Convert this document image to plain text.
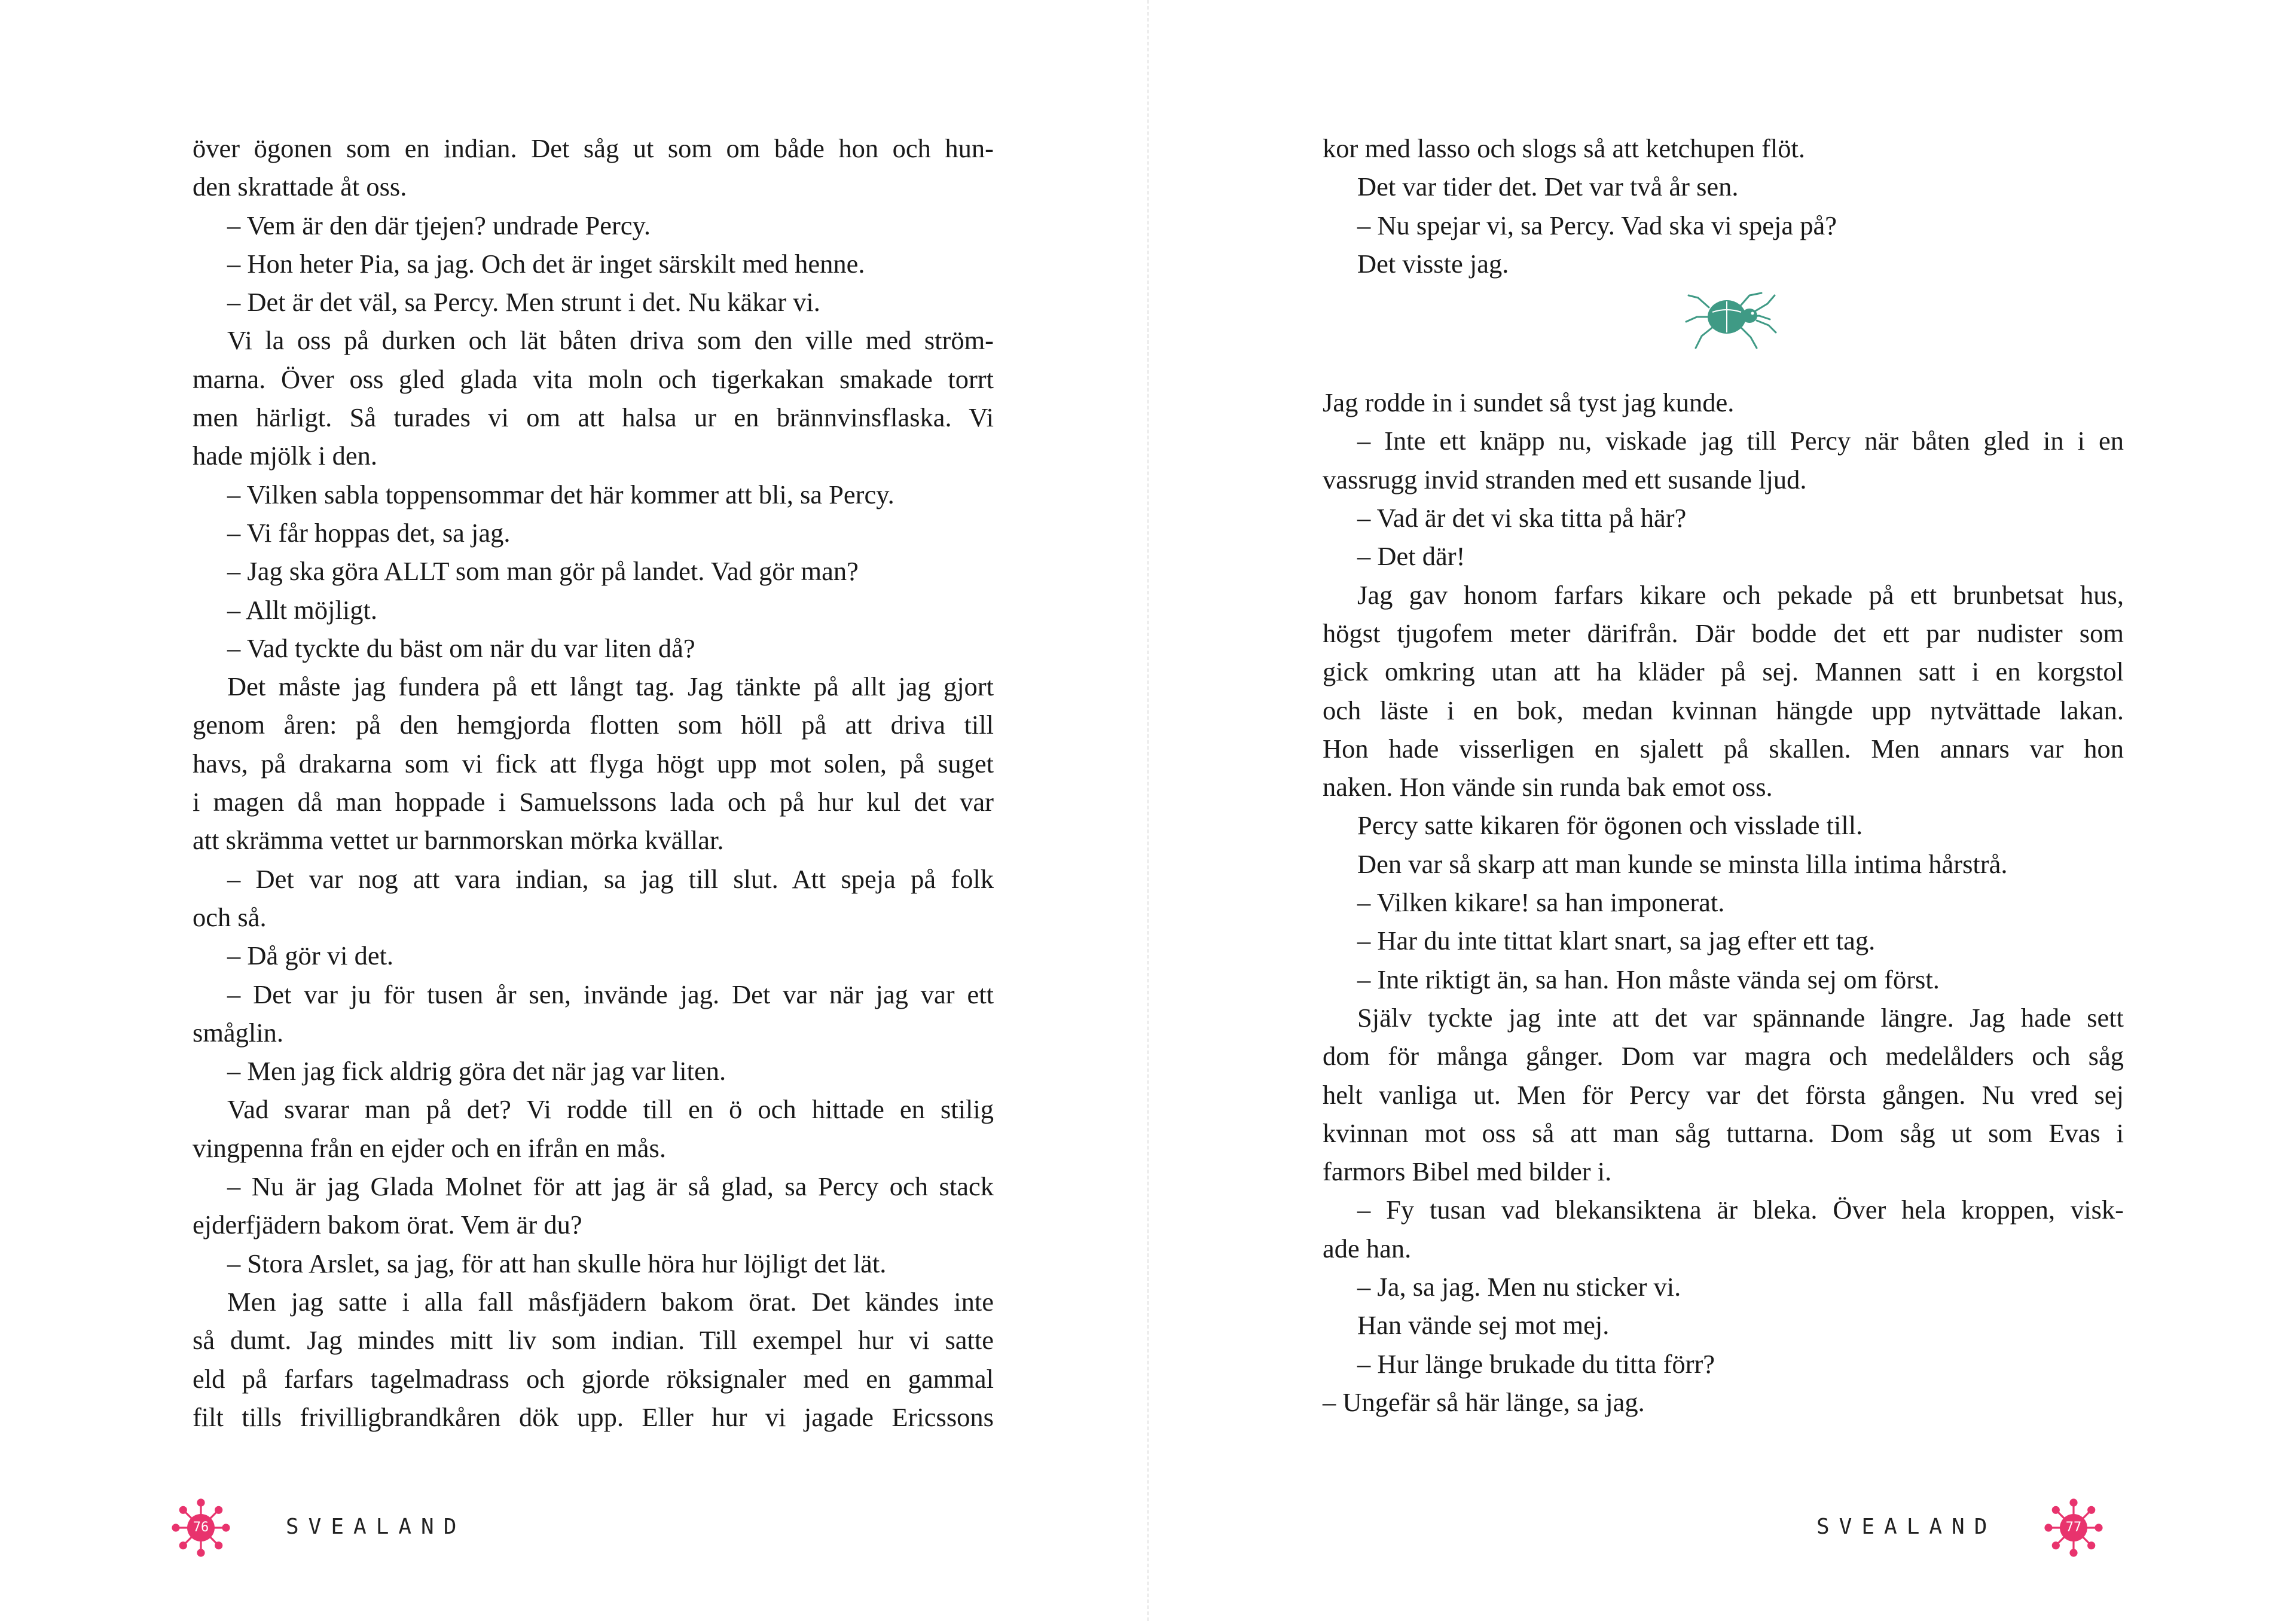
över ögonen som en indian. Det såg ut som om både hon och hun-
den skrattade åt oss.
– Vem är den där tjejen? undrade Percy.
– Hon heter Pia, sa jag. Och det är inget särskilt med henne.
– Det är det väl, sa Percy. Men strunt i det. Nu käkar vi.
Vi la oss på durken och lät båten driva som den ville med ström-
marna. Över oss gled glada vita moln och tigerkakan smakade torrt
men härligt. Så turades vi om att halsa ur en brännvinsflaska. Vi
hade mjölk i den.
– Vilken sabla toppensommar det här kommer att bli, sa Percy.
– Vi får hoppas det, sa jag.
– Jag ska göra ALLT som man gör på landet. Vad gör man?
– Allt möjligt.
– Vad tyckte du bäst om när du var liten då?
Det måste jag fundera på ett långt tag. Jag tänkte på allt jag gjort
genom åren: på den hemgjorda flotten som höll på att driva till
havs, på drakarna som vi fick att flyga högt upp mot solen, på suget
i magen då man hoppade i Samuelssons lada och på hur kul det var
att skrämma vettet ur barnmorskan mörka kvällar.
– Det var nog att vara indian, sa jag till slut. Att speja på folk
och så.
– Då gör vi det.
– Det var ju för tusen år sen, invände jag. Det var när jag var ett
småglin.
– Men jag fick aldrig göra det när jag var liten.
Vad svarar man på det? Vi rodde till en ö och hittade en stilig
vingpenna från en ejder och en ifrån en mås.
– Nu är jag Glada Molnet för att jag är så glad, sa Percy och stack
ejderfjädern bakom örat. Vem är du?
– Stora Arslet, sa jag, för att han skulle höra hur löjligt det lät.
Men jag satte i alla fall måsfjädern bakom örat. Det kändes inte
så dumt. Jag mindes mitt liv som indian. Till exempel hur vi satte
eld på farfars tagelmadrass och gjorde röksignaler med en gammal
filt tills frivilligbrandkåren dök upp. Eller hur vi jagade Ericssons
76	SVEALAND
kor med lasso och slogs så att ketchupen flöt.
Det var tider det. Det var två år sen.
– Nu spejar vi, sa Percy. Vad ska vi speja på?
Det visste jag.
Jag rodde in i sundet så tyst jag kunde.
– Inte ett knäpp nu, viskade jag till Percy när båten gled in i en
vassrugg invid stranden med ett susande ljud.
– Vad är det vi ska titta på här?
– Det där!
Jag gav honom farfars kikare och pekade på ett brunbetsat hus,
högst tjugofem meter därifrån. Där bodde det ett par nudister som
gick omkring utan att ha kläder på sej. Mannen satt i en korgstol
och läste i en bok, medan kvinnan hängde upp nytvättade lakan.
Hon hade visserligen en sjalett på skallen. Men annars var hon
naken. Hon vände sin runda bak emot oss.
Percy satte kikaren för ögonen och visslade till.
Den var så skarp att man kunde se minsta lilla intima hårstrå.
– Vilken kikare! sa han imponerat.
– Har du inte tittat klart snart, sa jag efter ett tag.
– Inte riktigt än, sa han. Hon måste vända sej om först.
Själv tyckte jag inte att det var spännande längre. Jag hade sett
dom för många gånger. Dom var magra och medelålders och såg
helt vanliga ut. Men för Percy var det första gången. Nu vred sej
kvinnan mot oss så att man såg tuttarna. Dom såg ut som Evas i
farmors Bibel med bilder i.
– Fy tusan vad blekansiktena är bleka. Över hela kroppen, visk-
ade han.
– Ja, sa jag. Men nu sticker vi.
Han vände sej mot mej.
– Hur länge brukade du titta förr?
– Ungefär så här länge, sa jag.
SVEALAND	77
